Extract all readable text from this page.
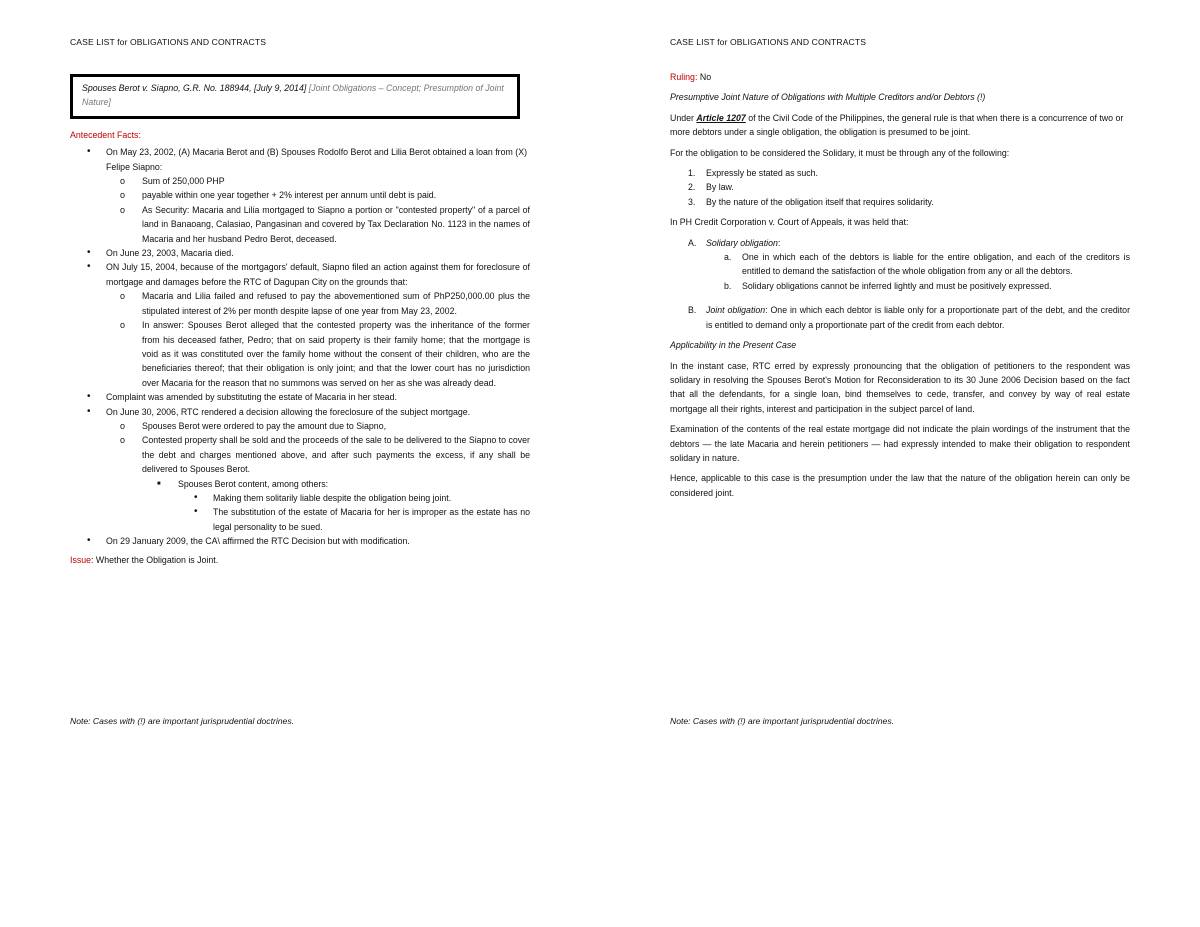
CASE LIST for OBLIGATIONS AND CONTRACTS
Spouses Berot v. Siapno, G.R. No. 188944, [July 9, 2014] [Joint Obligations – Concept; Presumption of Joint Nature]
Antecedent Facts:
• On May 23, 2002, (A) Macaria Berot and (B) Spouses Rodolfo Berot and Lilia Berot obtained a loan from (X) Felipe Siapno:
o Sum of 250,000 PHP
o payable within one year together + 2% interest per annum until debt is paid.
o As Security: Macaria and Lilia mortgaged to Siapno a portion or "contested property" of a parcel of land in Banaoang, Calasiao, Pangasinan and covered by Tax Declaration No. 1123 in the names of Macaria and her husband Pedro Berot, deceased.
• On June 23, 2003, Macaria died.
• ON July 15, 2004, because of the mortgagors' default, Siapno filed an action against them for foreclosure of mortgage and damages before the RTC of Dagupan City on the grounds that:
o Macaria and Lilia failed and refused to pay the abovementioned sum of PhP250,000.00 plus the stipulated interest of 2% per month despite lapse of one year from May 23, 2002.
o In answer: Spouses Berot alleged that the contested property was the inheritance of the former from his deceased father, Pedro; that on said property is their family home; that the mortgage is void as it was constituted over the family home without the consent of their children, who are the beneficiaries thereof; that their obligation is only joint; and that the lower court has no jurisdiction over Macaria for the reason that no summons was served on her as she was already dead.
• Complaint was amended by substituting the estate of Macaria in her stead.
• On June 30, 2006, RTC rendered a decision allowing the foreclosure of the subject mortgage.
o Spouses Berot were ordered to pay the amount due to Siapno,
o Contested property shall be sold and the proceeds of the sale to be delivered to the Siapno to cover the debt and charges mentioned above, and after such payments the excess, if any shall be delivered to Spouses Berot.
■ Spouses Berot content, among others:
• Making them solitarily liable despite the obligation being joint.
• The substitution of the estate of Macaria for her is improper as the estate has no legal personality to be sued.
• On 29 January 2009, the CA\ affirmed the RTC Decision but with modification.
Issue: Whether the Obligation is Joint.
Note: Cases with (!) are important jurisprudential doctrines.
CASE LIST for OBLIGATIONS AND CONTRACTS

Ruling: No

Presumptive Joint Nature of Obligations with Multiple Creditors and/or Debtors (!)

Under Article 1207 of the Civil Code of the Philippines, the general rule is that when there is a concurrence of two or more debtors under a single obligation, the obligation is presumed to be joint.

For the obligation to be considered the Solidary, it must be through any of the following:

1. Expressly be stated as such.
2. By law.
3. By the nature of the obligation itself that requires solidarity.

In PH Credit Corporation v. Court of Appeals, it was held that:

A. Solidary obligation:
a. One in which each of the debtors is liable for the entire obligation, and each of the creditors is entitled to demand the satisfaction of the whole obligation from any or all the debtors.
b. Solidary obligations cannot be inferred lightly and must be positively expressed.
B. Joint obligation: One in which each debtor is liable only for a proportionate part of the debt, and the creditor is entitled to demand only a proportionate part of the credit from each debtor.

Applicability in the Present Case

In the instant case, RTC erred by expressly pronouncing that the obligation of petitioners to the respondent was solidary in resolving the Spouses Berot's Motion for Reconsideration to its 30 June 2006 Decision based on the fact that all the defendants, for a single loan, bind themselves to cede, transfer, and convey by way of real estate mortgage all their rights, interest and participation in the subject parcel of land.

Examination of the contents of the real estate mortgage did not indicate the plain wordings of the instrument that the debtors — the late Macaria and herein petitioners — had expressly intended to make their obligation to respondent solidary in nature.

Hence, applicable to this case is the presumption under the law that the nature of the obligation herein can only be considered joint.

Note: Cases with (!) are important jurisprudential doctrines.
